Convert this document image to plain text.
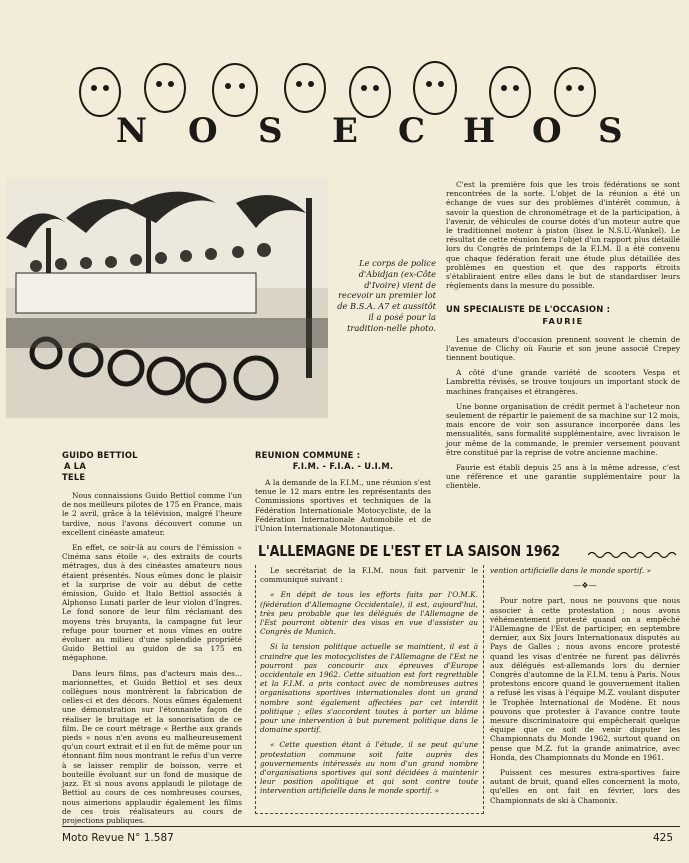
N O S E C H O S
Le corps de police d'Abidjan (ex-Côte d'Ivoire) vient de recevoir un premier lot de B.S.A. A7 et aussitôt il a posé pour la tradition-nelle photo.

C'est la première fois que les trois fédérations se sont rencontrées de la sorte. L'objet de la réunion a été un échange de vues sur des problèmes d'intérêt commun, à savoir la question de chronométrage et de la participation, à l'avenir, de véhicules de course dotés d'un moteur autre que le traditionnel moteur à piston (lisez le N.S.U.-Wankel). Le résultat de cette réunion fera l'objet d'un rapport plus détaillé lors du Congrès de printemps de la F.I.M. Il a été convenu que chaque fédération ferait une étude plus détaillée des problèmes en question et que des rapports étroits s'établiraient entre elles dans le but de standardiser leurs règlements dans la mesure du possible.

UN SPECIALISTE DE L'OCCASION :
FAURIE

Les amateurs d'occasion prennent souvent le chemin de l'avenue de Clichy où Faurie et son jeune associé Crepey tiennent boutique.

A côté d'une grande variété de scooters Vespa et Lambretta révisés, se trouve toujours un important stock de machines françaises et étrangères.

Une bonne organisation de crédit permet à l'acheteur non seulement de répartir le paiement de sa machine sur 12 mois, mais encore de voir son assurance incorporée dans les mensualités, sans formalité supplémentaire, avec livraison le jour même de la commande, le premier versement pouvant être constitué par la reprise de votre ancienne machine.

Faurie est établi depuis 25 ans à la même adresse, c'est une référence et une garantie supplémentaire pour la clientèle.

GUIDO BETTIOL
A LA
TELE

Nous connaissions Guido Bettiol comme l'un de nos meilleurs pilotes de 175 en France, mais le 2 avril, grâce à la télévision, malgré l'heure tardive, nous l'avons découvert comme un excellent cinéaste amateur.

En effet, ce soir-là au cours de l'émission « Cinéma sans étoile », des extraits de courts métrages, dus à des cinéastes amateurs nous étaient présentés. Nous eûmes donc le plaisir et la surprise de voir au début de cette émission, Guido et Italo Bettiol associés à Alphonso Lunati parler de leur violon d'Ingres. Le fond sonore de leur film réclamant des moyens très bruyants, la campagne fut leur refuge pour tourner et nous vîmes en outre évoluer au milieu d'une splendide propriété Guido Bettiol au guidon de sa 175 en mégaphone.

Dans leurs films, pas d'acteurs mais des... marionnettes, et Guido Bettiol et ses deux collègues nous montrèrent la fabrication de celles-ci et des décors. Nous eûmes également une démonstration sur l'étonnante façon de réaliser le bruitage et la sonorisation de ce film. De ce court métrage « Berthe aux grands pieds » nous n'en avons eu malheureusement qu'un court extrait et il en fut de même pour un étonnant film nous montrant le refus d'un verre à se laisser remplir de boisson, verre et bouteille évoluant sur un fond de musique de jazz. Et si nous avons applaudi le pilotage de Bettiol au cours de ces nombreuses courses, nous aimerions applaudir également les films de ces trois réalisateurs au cours de projections publiques.

REUNION COMMUNE :
F.I.M. - F.I.A. - U.I.M.

A la demande de la F.I.M., une réunion s'est tenue le 12 mars entre les représentants des Commissions sportives et techniques de la Fédération Internationale Motocycliste, de la Fédération Internationale Automobile et de l'Union Internationale Motonautique.

L'ALLEMAGNE DE L'EST ET LA SAISON 1962

Le secrétariat de la F.I.M. nous fait parvenir le communiqué suivant :

« En dépit de tous les efforts faits par l'O.M.K. (fédération d'Allemagne Occidentale), il est, aujourd'hui, très peu probable que les délégués de l'Allemagne de l'Est pourront obtenir des visas en vue d'assister au Congrès de Munich.

Si la tension politique actuelle se maintient, il est à craindre que les motocyclistes de l'Allemagne de l'Est ne pourront pas concourir aux épreuves d'Europe occidentale en 1962. Cette situation est fort regrettable et la F.I.M. a pris contact avec de nombreuses autres organisations sportives internationales dont un grand nombre sont également affectées par cet interdit politique ; elles s'accordent toutes à porter un blâme pour une intervention à but purement politique dans le domaine sportif.

« Cette question étant à l'étude, il se peut qu'une protestation commune soit faite auprès des gouvernements intéressés au nom d'un grand nombre d'organisations sportives qui sont décidées à maintenir leur position apolitique et qui sont contre toute intervention artificielle dans le monde sportif. »

vention artificielle dans le monde sportif. »

—❖—

Pour notre part, nous ne pouvons que nous associer à cette protestation ; nous avons véhémentement protesté quand on a empêché l'Allemagne de l'Est de participer, en septembre dernier, aux Six Jours Internationaux disputés au Pays de Galles ; nous avons encore protesté quand les visas d'entrée ne furent pas délivrés aux délégués est-allemands lors du dernier Congrès d'automne de la F.I.M. tenu à Paris. Nous protestons encore quand le gouvernement italien a refusé les visas à l'équipe M.Z. voulant disputer le Trophée International de Modène. Et nous pouvons que protester à l'avance contre toute mesure discriminatoire qui empêcherait quelque équipe que ce soit de venir disputer les Championnats du Monde 1962, surtout quand on pense que M.Z. fut la grande animatrice, avec Honda, des Championnats du Monde en 1961.

Puissent ces mesures extra-sportives faire autant de bruit, quand elles concernent la moto, qu'elles en ont fait en février, lors des Championnats de ski à Chamonix.

Moto Revue N° 1.587	425
